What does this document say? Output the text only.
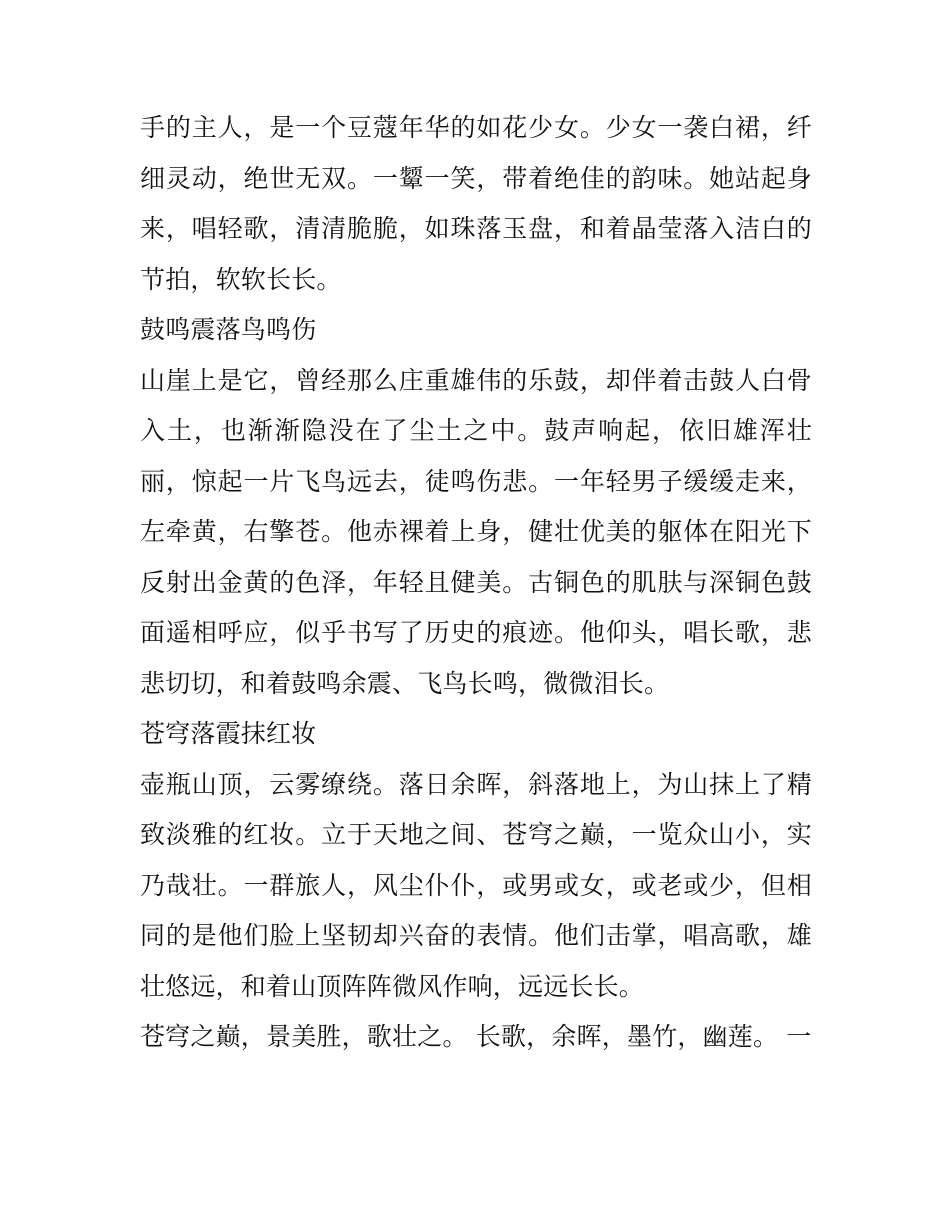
手的主人，是一个豆蔻年华的如花少女。少女一袭白裙，纤细灵动，绝世无双。一颦一笑，带着绝佳的韵味。她站起身来，唱轻歌，清清脆脆，如珠落玉盘，和着晶莹落入洁白的节拍，软软长长。

鼓鸣震落鸟鸣伤

山崖上是它，曾经那么庄重雄伟的乐鼓，却伴着击鼓人白骨入土，也渐渐隐没在了尘土之中。鼓声响起，依旧雄浑壮丽，惊起一片飞鸟远去，徒鸣伤悲。一年轻男子缓缓走来，左牵黄，右擎苍。他赤裸着上身，健壮优美的躯体在阳光下反射出金黄的色泽，年轻且健美。古铜色的肌肤与深铜色鼓面遥相呼应，似乎书写了历史的痕迹。他仰头，唱长歌，悲悲切切，和着鼓鸣余震、飞鸟长鸣，微微泪长。

苍穹落霞抹红妆

壶瓶山顶，云雾缭绕。落日余晖，斜落地上，为山抹上了精致淡雅的红妆。立于天地之间、苍穹之巅，一览众山小，实乃哉壮。一群旅人，风尘仆仆，或男或女，或老或少，但相同的是他们脸上坚韧却兴奋的表情。他们击掌，唱高歌，雄壮悠远，和着山顶阵阵微风作响，远远长长。

苍穹之巅，景美胜，歌壮之。 长歌，余晖，墨竹，幽莲。 一
